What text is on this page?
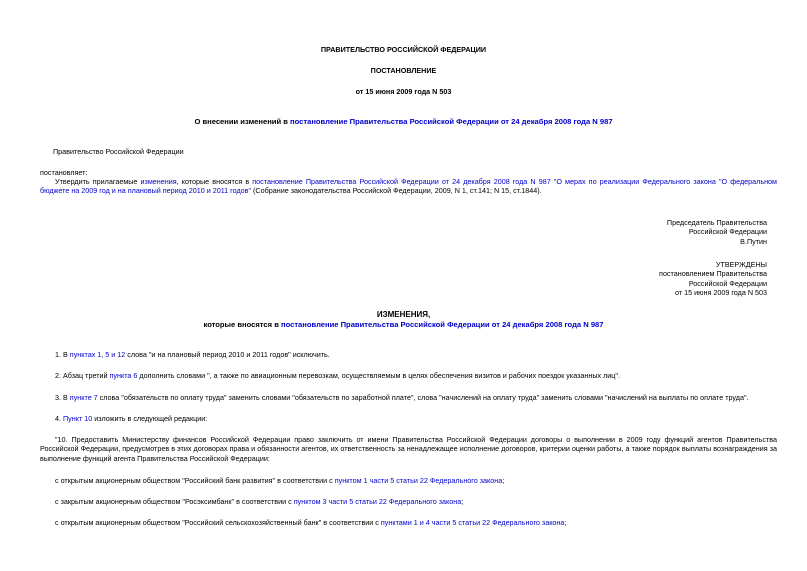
ПРАВИТЕЛЬСТВО РОССИЙСКОЙ ФЕДЕРАЦИИ
ПОСТАНОВЛЕНИЕ
от 15 июня 2009 года N 503
О внесении изменений в постановление Правительства Российской Федерации от 24 декабря 2008 года N 987
Правительство Российской Федерации
постановляет:
Утвердить прилагаемые изменения, которые вносятся в постановление Правительства Российской Федерации от 24 декабря 2008 года N 987 "О мерах по реализации Федерального закона "О федеральном бюджете на 2009 год и на плановый период 2010 и 2011 годов" (Собрание законодательства Российской Федерации, 2009, N 1, ст.141; N 15, ст.1844).
Председатель Правительства
Российской Федерации
В.Путин
УТВЕРЖДЕНЫ
постановлением Правительства
Российской Федерации
от 15 июня 2009 года N 503
ИЗМЕНЕНИЯ,
которые вносятся в постановление Правительства Российской Федерации от 24 декабря 2008 года N 987
1. В пунктах 1, 5 и 12 слова "и на плановый период 2010 и 2011 годов" исключить.
2. Абзац третий пункта 6 дополнить словами ", а также по авиационным перевозкам, осуществляемым в целях обеспечения визитов и рабочих поездок указанных лиц".
3. В пункте 7 слова "обязательств по оплату труда" заменить словами "обязательств по заработной плате", слова "начислений на оплату труда" заменить словами "начислений на выплаты по оплате труда".
4. Пункт 10 изложить в следующей редакции:
"10. Предоставить Министерству финансов Российской Федерации право заключить от имени Правительства Российской Федерации договоры о выполнении в 2009 году функций агентов Правительства Российской Федерации, предусмотрев в этих договорах права и обязанности агентов, их ответственность за ненадлежащее исполнение договоров, критерии оценки работы, а также порядок выплаты вознаграждения за выполнение функций агента Правительства Российской Федерации:
с открытым акционерным обществом "Российский банк развития" в соответствии с пунктом 1 части 5 статьи 22 Федерального закона;
с закрытым акционерным обществом "Росэксимбанк" в соответствии с пунктом 3 части 5 статьи 22 Федерального закона;
с открытым акционерным обществом "Российский сельскохозяйственный банк" в соответствии с пунктами 1 и 4 части 5 статьи 22 Федерального закона;
